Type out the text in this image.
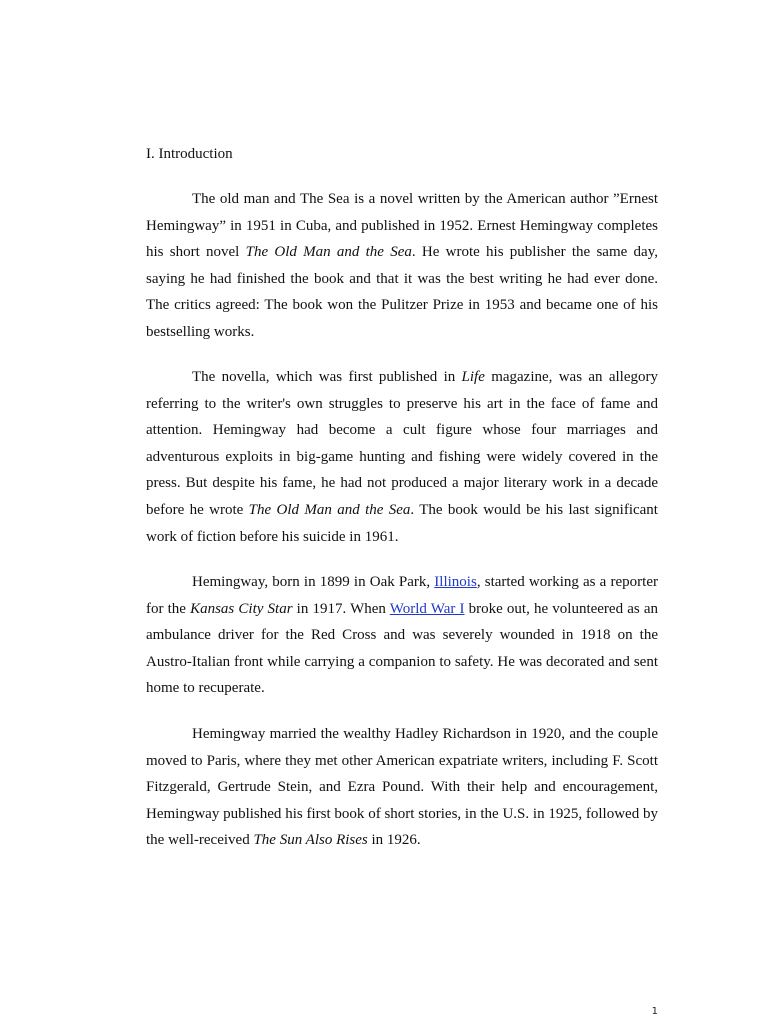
I. Introduction

The old man and The Sea is a novel written by the American author ”Ernest Hemingway” in 1951 in Cuba, and published in 1952. Ernest Hemingway completes his short novel The Old Man and the Sea. He wrote his publisher the same day, saying he had finished the book and that it was the best writing he had ever done. The critics agreed: The book won the Pulitzer Prize in 1953 and became one of his bestselling works.

The novella, which was first published in Life magazine, was an allegory referring to the writer's own struggles to preserve his art in the face of fame and attention. Hemingway had become a cult figure whose four marriages and adventurous exploits in big-game hunting and fishing were widely covered in the press. But despite his fame, he had not produced a major literary work in a decade before he wrote The Old Man and the Sea. The book would be his last significant work of fiction before his suicide in 1961.

Hemingway, born in 1899 in Oak Park, Illinois, started working as a reporter for the Kansas City Star in 1917. When World War I broke out, he volunteered as an ambulance driver for the Red Cross and was severely wounded in 1918 on the Austro-Italian front while carrying a companion to safety. He was decorated and sent home to recuperate.

Hemingway married the wealthy Hadley Richardson in 1920, and the couple moved to Paris, where they met other American expatriate writers, including F. Scott Fitzgerald, Gertrude Stein, and Ezra Pound. With their help and encouragement, Hemingway published his first book of short stories, in the U.S. in 1925, followed by the well-received The Sun Also Rises in 1926.

1
